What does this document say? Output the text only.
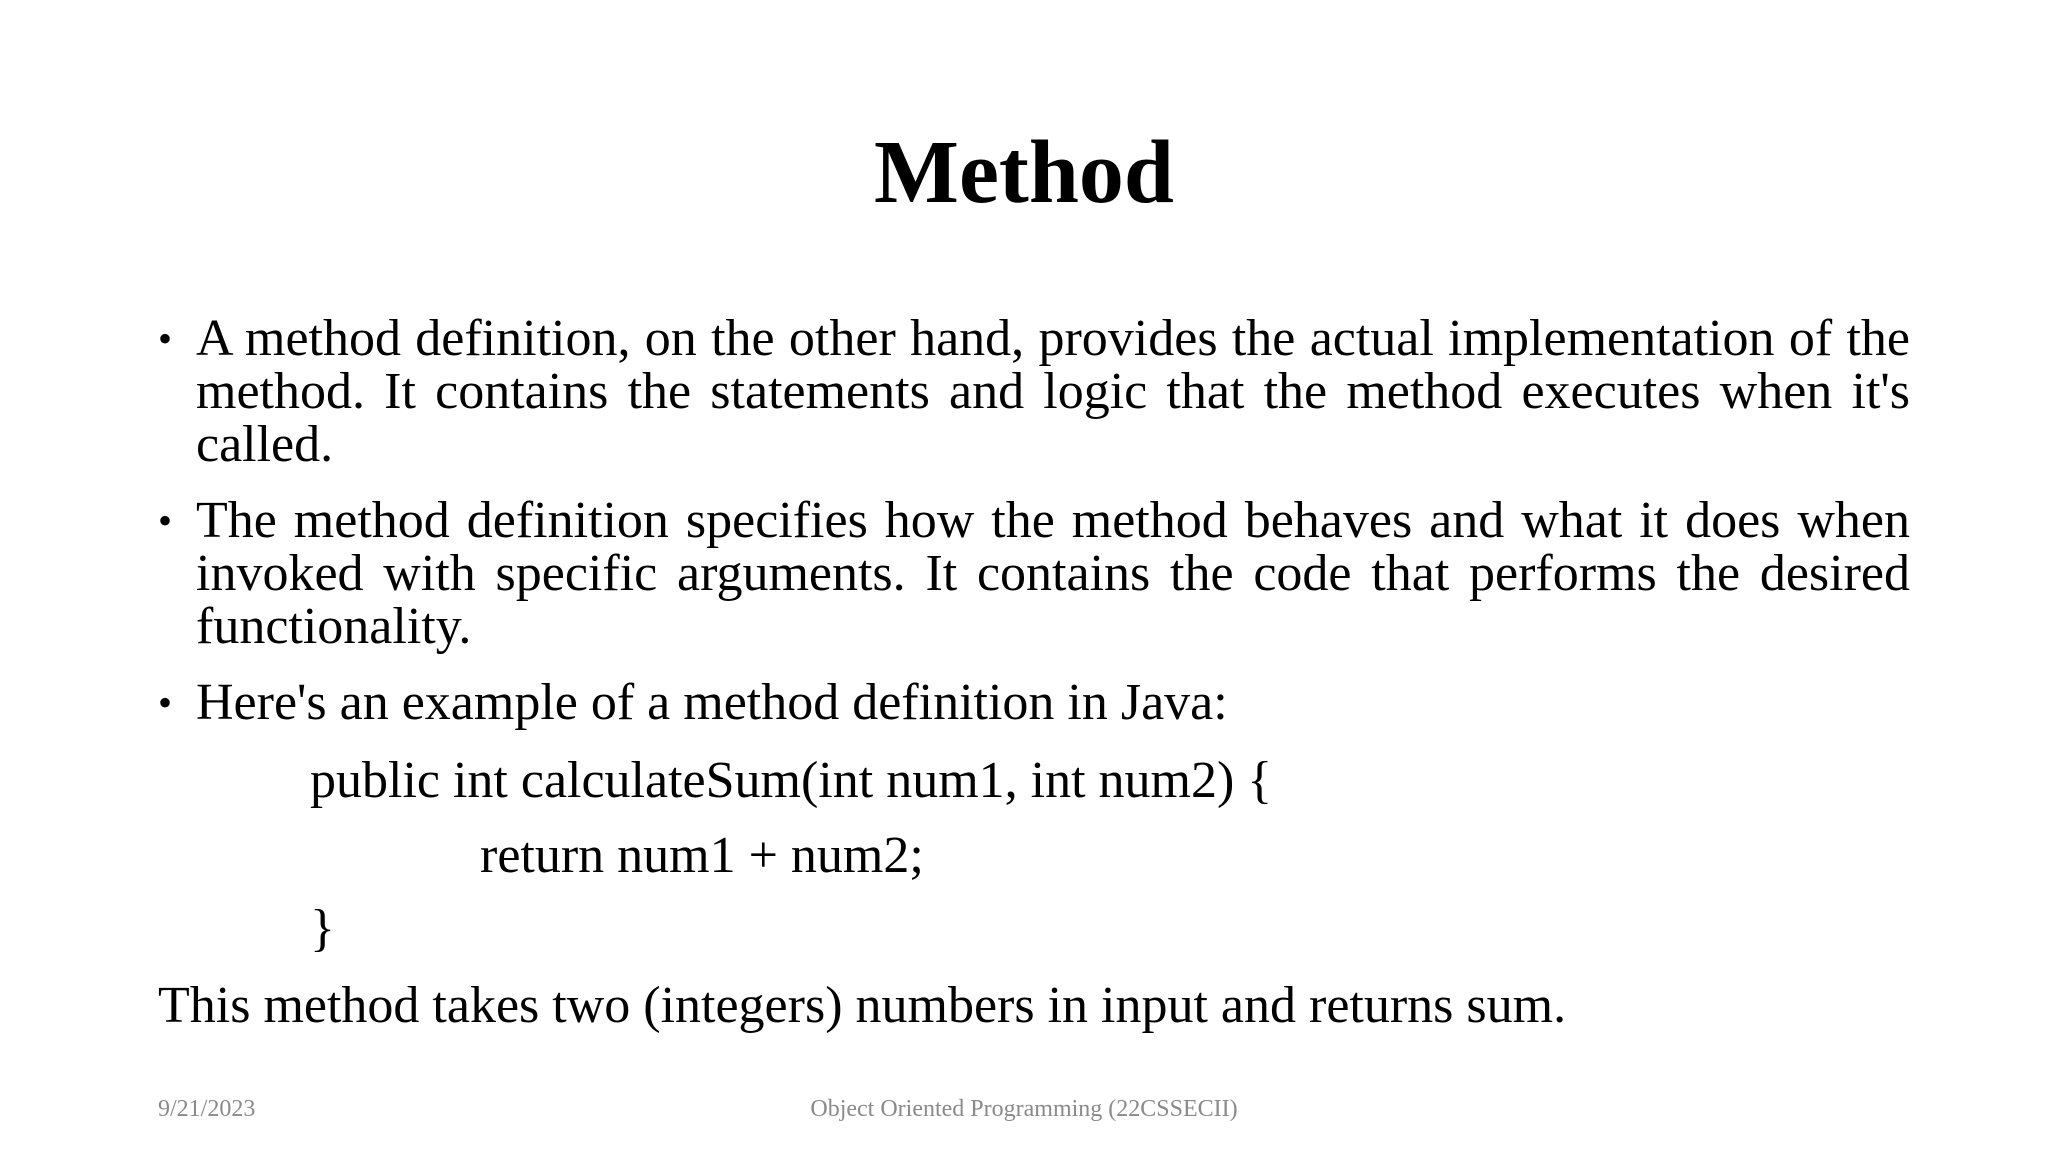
Method
• A method definition, on the other hand, provides the actual implementation of the method. It contains the statements and logic that the method executes when it's called.
• The method definition specifies how the method behaves and what it does when invoked with specific arguments. It contains the code that performs the desired functionality.
• Here's an example of a method definition in Java:
public int calculateSum(int num1, int num2) {
return num1 + num2;
}
This method takes two (integers) numbers in input and returns sum.
9/21/2023	Object Oriented Programming (22CSSECII)
